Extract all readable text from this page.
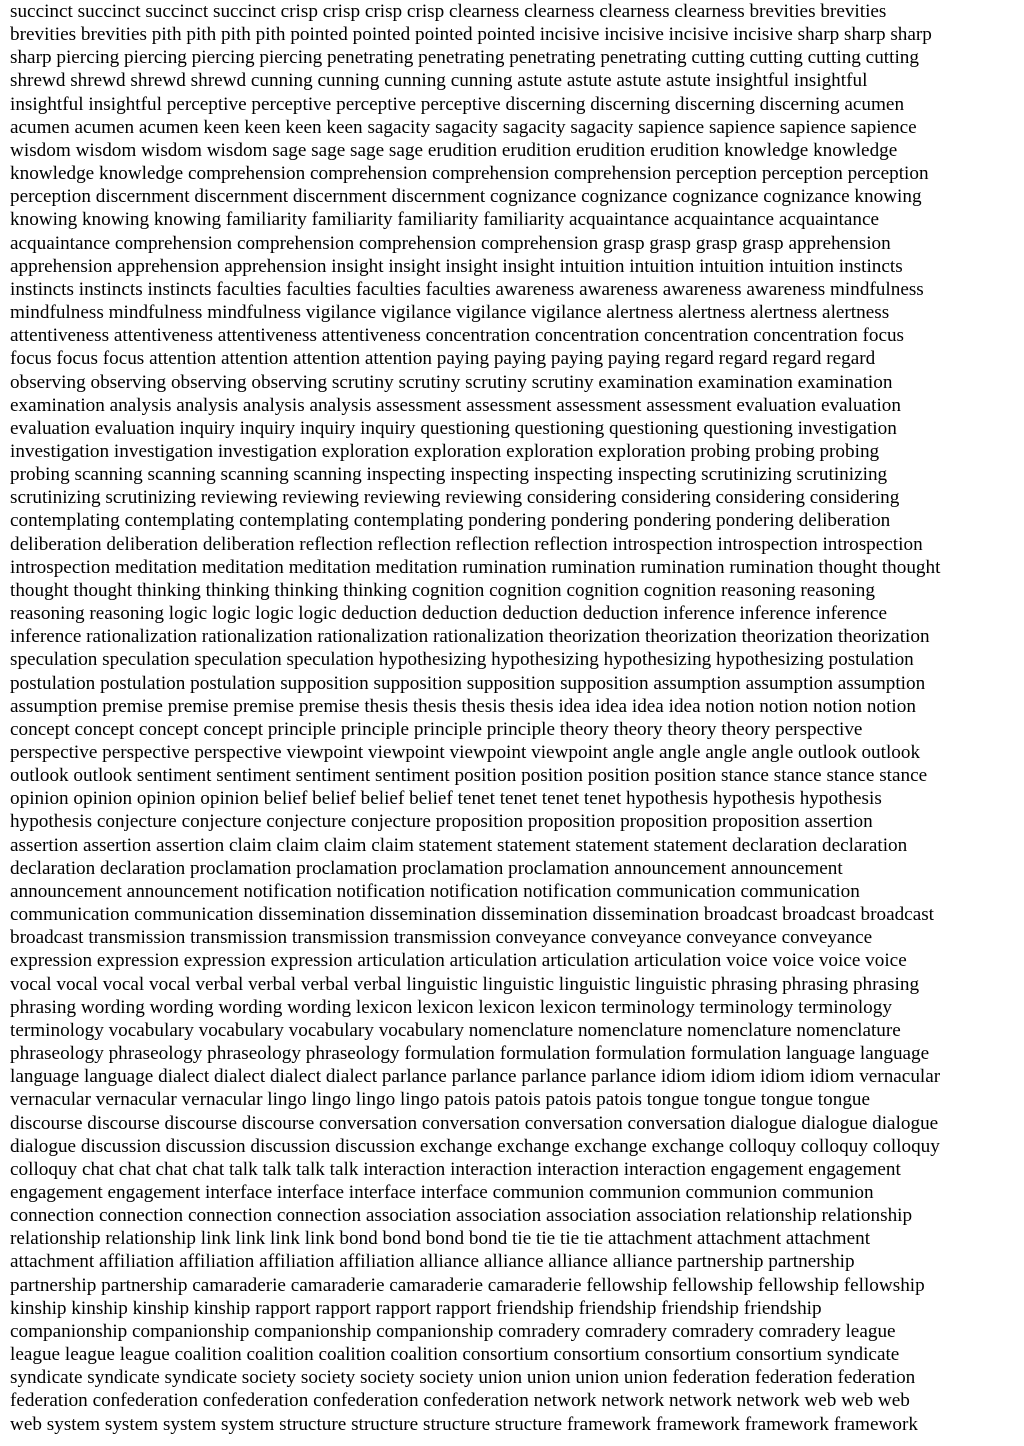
succinct succinct succinct succinct crisp crisp crisp crisp clearness clearness clearness clearness brevities brevities
brevities brevities pith pith pith pith pointed pointed pointed pointed incisive incisive incisive incisive sharp sharp sharp
sharp piercing piercing piercing piercing penetrating penetrating penetrating penetrating cutting cutting cutting cutting
shrewd shrewd shrewd shrewd cunning cunning cunning cunning astute astute astute astute insightful insightful
insightful insightful perceptive perceptive perceptive perceptive discerning discerning discerning discerning acumen
acumen acumen acumen keen keen keen keen sagacity sagacity sagacity sagacity sapience sapience sapience sapience
wisdom wisdom wisdom wisdom sage sage sage sage erudition erudition erudition erudition knowledge knowledge
knowledge knowledge comprehension comprehension comprehension comprehension perception perception perception
perception discernment discernment discernment discernment cognizance cognizance cognizance cognizance knowing
knowing knowing knowing familiarity familiarity familiarity familiarity acquaintance acquaintance acquaintance
acquaintance comprehension comprehension comprehension comprehension grasp grasp grasp grasp apprehension
apprehension apprehension apprehension insight insight insight insight intuition intuition intuition intuition instincts
instincts instincts instincts faculties faculties faculties faculties awareness awareness awareness awareness mindfulness
mindfulness mindfulness mindfulness vigilance vigilance vigilance vigilance alertness alertness alertness alertness
attentiveness attentiveness attentiveness attentiveness concentration concentration concentration concentration focus
focus focus focus attention attention attention attention paying paying paying paying regard regard regard regard
observing observing observing observing scrutiny scrutiny scrutiny scrutiny examination examination examination
examination analysis analysis analysis analysis assessment assessment assessment assessment evaluation evaluation
evaluation evaluation inquiry inquiry inquiry inquiry questioning questioning questioning questioning investigation
investigation investigation investigation exploration exploration exploration exploration probing probing probing
probing scanning scanning scanning scanning inspecting inspecting inspecting inspecting scrutinizing scrutinizing
scrutinizing scrutinizing reviewing reviewing reviewing reviewing considering considering considering considering
contemplating contemplating contemplating contemplating pondering pondering pondering pondering deliberation
deliberation deliberation deliberation reflection reflection reflection reflection introspection introspection introspection
introspection meditation meditation meditation meditation rumination rumination rumination rumination thought thought
thought thought thinking thinking thinking thinking cognition cognition cognition cognition reasoning reasoning
reasoning reasoning logic logic logic logic deduction deduction deduction deduction inference inference inference
inference rationalization rationalization rationalization rationalization theorization theorization theorization theorization
speculation speculation speculation speculation hypothesizing hypothesizing hypothesizing hypothesizing postulation
postulation postulation postulation supposition supposition supposition supposition assumption assumption assumption
assumption premise premise premise premise thesis thesis thesis thesis idea idea idea idea notion notion notion notion
concept concept concept concept principle principle principle principle theory theory theory theory perspective
perspective perspective perspective viewpoint viewpoint viewpoint viewpoint angle angle angle angle outlook outlook
outlook outlook sentiment sentiment sentiment sentiment position position position position stance stance stance stance
opinion opinion opinion opinion belief belief belief belief tenet tenet tenet tenet hypothesis hypothesis hypothesis
hypothesis conjecture conjecture conjecture conjecture proposition proposition proposition proposition assertion
assertion assertion assertion claim claim claim claim statement statement statement statement declaration declaration
declaration declaration proclamation proclamation proclamation proclamation announcement announcement
announcement announcement notification notification notification notification communication communication
communication communication dissemination dissemination dissemination dissemination broadcast broadcast broadcast
broadcast transmission transmission transmission transmission conveyance conveyance conveyance conveyance
expression expression expression expression articulation articulation articulation articulation voice voice voice voice
vocal vocal vocal vocal verbal verbal verbal verbal linguistic linguistic linguistic linguistic phrasing phrasing phrasing
phrasing wording wording wording wording lexicon lexicon lexicon lexicon terminology terminology terminology
terminology vocabulary vocabulary vocabulary vocabulary nomenclature nomenclature nomenclature nomenclature
phraseology phraseology phraseology phraseology formulation formulation formulation formulation language language
language language dialect dialect dialect dialect parlance parlance parlance parlance idiom idiom idiom idiom vernacular
vernacular vernacular vernacular lingo lingo lingo lingo patois patois patois patois tongue tongue tongue tongue
discourse discourse discourse discourse conversation conversation conversation conversation dialogue dialogue dialogue
dialogue discussion discussion discussion discussion exchange exchange exchange exchange colloquy colloquy colloquy
colloquy chat chat chat chat talk talk talk talk interaction interaction interaction interaction engagement engagement
engagement engagement interface interface interface interface communion communion communion communion
connection connection connection connection association association association association relationship relationship
relationship relationship link link link link bond bond bond bond tie tie tie tie attachment attachment attachment
attachment affiliation affiliation affiliation affiliation alliance alliance alliance alliance partnership partnership
partnership partnership camaraderie camaraderie camaraderie camaraderie fellowship fellowship fellowship fellowship
kinship kinship kinship kinship rapport rapport rapport rapport friendship friendship friendship friendship
companionship companionship companionship companionship comradery comradery comradery comradery league
league league league coalition coalition coalition coalition consortium consortium consortium consortium syndicate
syndicate syndicate syndicate society society society society union union union union federation federation federation
federation confederation confederation confederation confederation network network network network web web web
web system system system system structure structure structure structure framework framework framework framework
